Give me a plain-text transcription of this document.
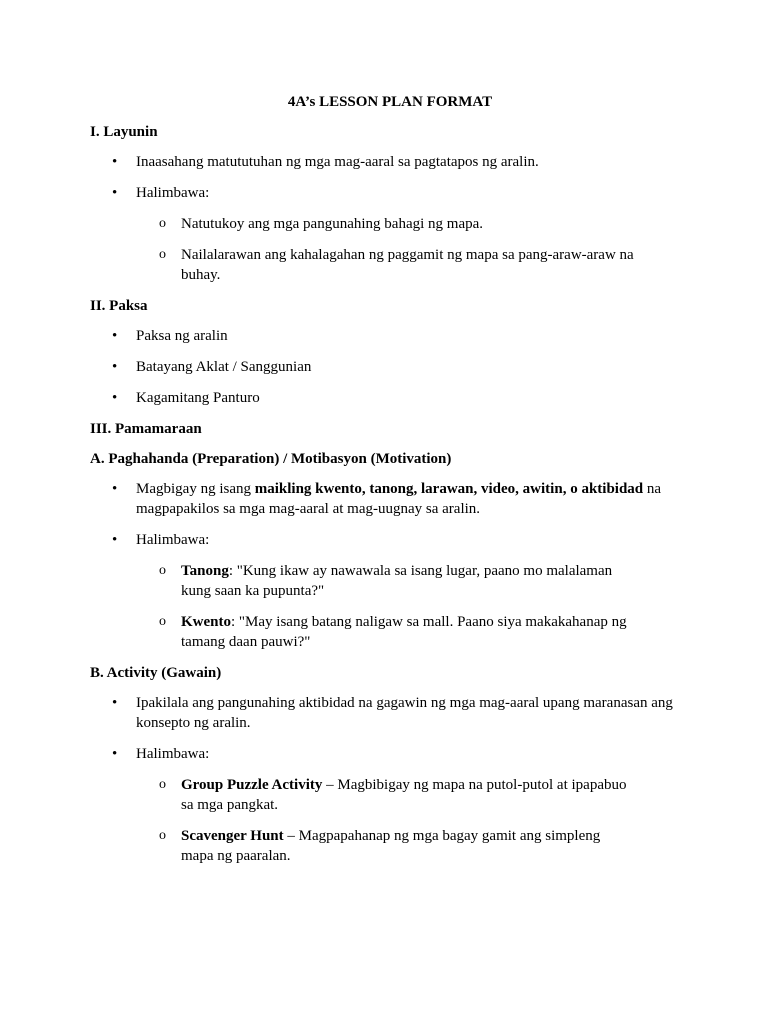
4A’s LESSON PLAN FORMAT
I. Layunin
• Inaasahang matututuhan ng mga mag-aaral sa pagtatapos ng aralin.
• Halimbawa:
o Natutukoy ang mga pangunahing bahagi ng mapa.
o Nailalarawan ang kahalagahan ng paggamit ng mapa sa pang-araw-araw na buhay.
II. Paksa
• Paksa ng aralin
• Batayang Aklat / Sanggunian
• Kagamitang Panturo
III. Pamamaraan
A. Paghahanda (Preparation) / Motibasyon (Motivation)
• Magbigay ng isang maikling kwento, tanong, larawan, video, awitin, o aktibidad na magpapakilos sa mga mag-aaral at mag-uugnay sa aralin.
• Halimbawa:
o Tanong: "Kung ikaw ay nawawala sa isang lugar, paano mo malalaman kung saan ka pupunta?"
o Kwento: "May isang batang naligaw sa mall. Paano siya makakahanap ng tamang daan pauwi?"
B. Activity (Gawain)
• Ipakilala ang pangunahing aktibidad na gagawin ng mga mag-aaral upang maranasan ang konsepto ng aralin.
• Halimbawa:
o Group Puzzle Activity – Magbibigay ng mapa na putol-putol at ipapabuo sa mga pangkat.
o Scavenger Hunt – Magpapahanap ng mga bagay gamit ang simpleng mapa ng paaralan.
